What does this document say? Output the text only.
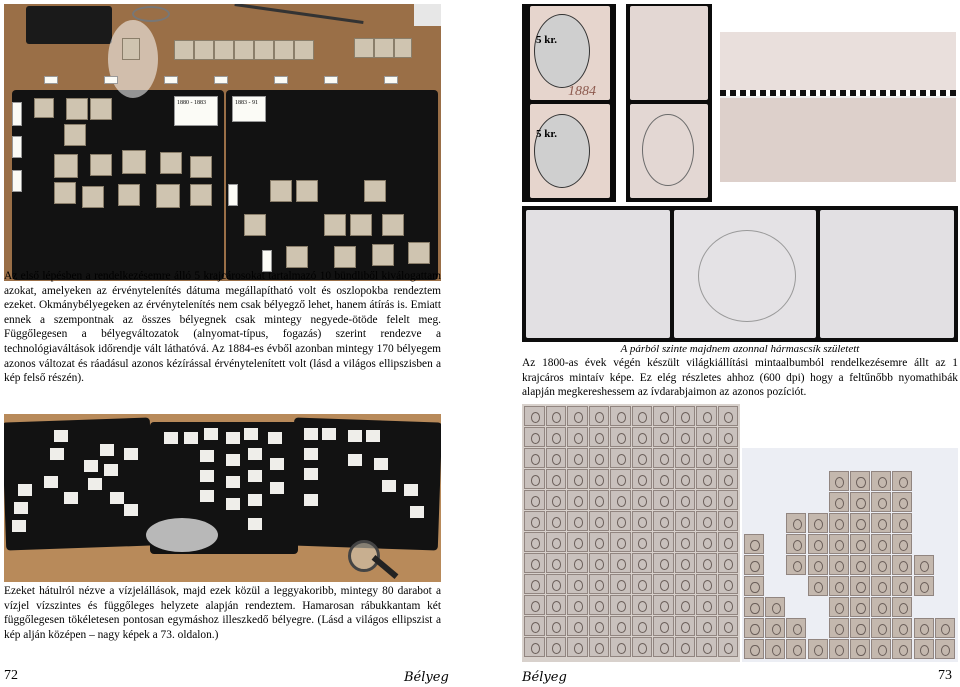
1880 - 1883	1883 - 91
Az első lépésben a rendelkezésemre álló 5 krajcárosokat tartalmazó 10 bündliből kiválogattam azokat, amelyeken az érvénytelenítés dátuma megállapítható volt és oszlopokba rendeztem ezeket. Okmánybélyegeken az érvénytelenítés nem csak bélyegző lehet, hanem átírás is. Emiatt ennek a szempontnak az összes bélyegnek csak mintegy negyede-ötöde felelt meg. Függőlegesen a bélyegváltozatok (alnyomat-típus, fogazás) szerint rendezve a technológiaváltások időrendje vált láthatóvá. Az 1884-es évből azonban mintegy 170 bélyegem azonos változat és ráadásul azonos kézírással érvénytelenített volt (lásd a világos ellipszisben a kép felső részén).
Ezeket hátulról nézve a vízjelállások, majd ezek közül a leggyakoribb, mintegy 80 darabot a vízjel vízszintes és függőleges helyzete alapján rendeztem. Hamarosan rábukkantam két függőlegesen tökéletesen pontosan egymáshoz illeszkedő bélyegre. (Lásd a világos ellipszist a kép alján középen – nagy képek a 73. oldalon.)
72	Bélyeg
5 kr.
1884
5 kr.
A párból szinte majdnem azonnal hármascsík született
Az 1800-as évek végén készült világkiállítási mintaalbumból rendelkezésemre állt az 1 krajcáros mintaív képe. Ez elég részletes ahhoz (600 dpi) hogy a feltűnőbb nyomathibák alapján megkereshessem az ívdarabjaimon az azonos pozíciót.
Bélyeg	73
